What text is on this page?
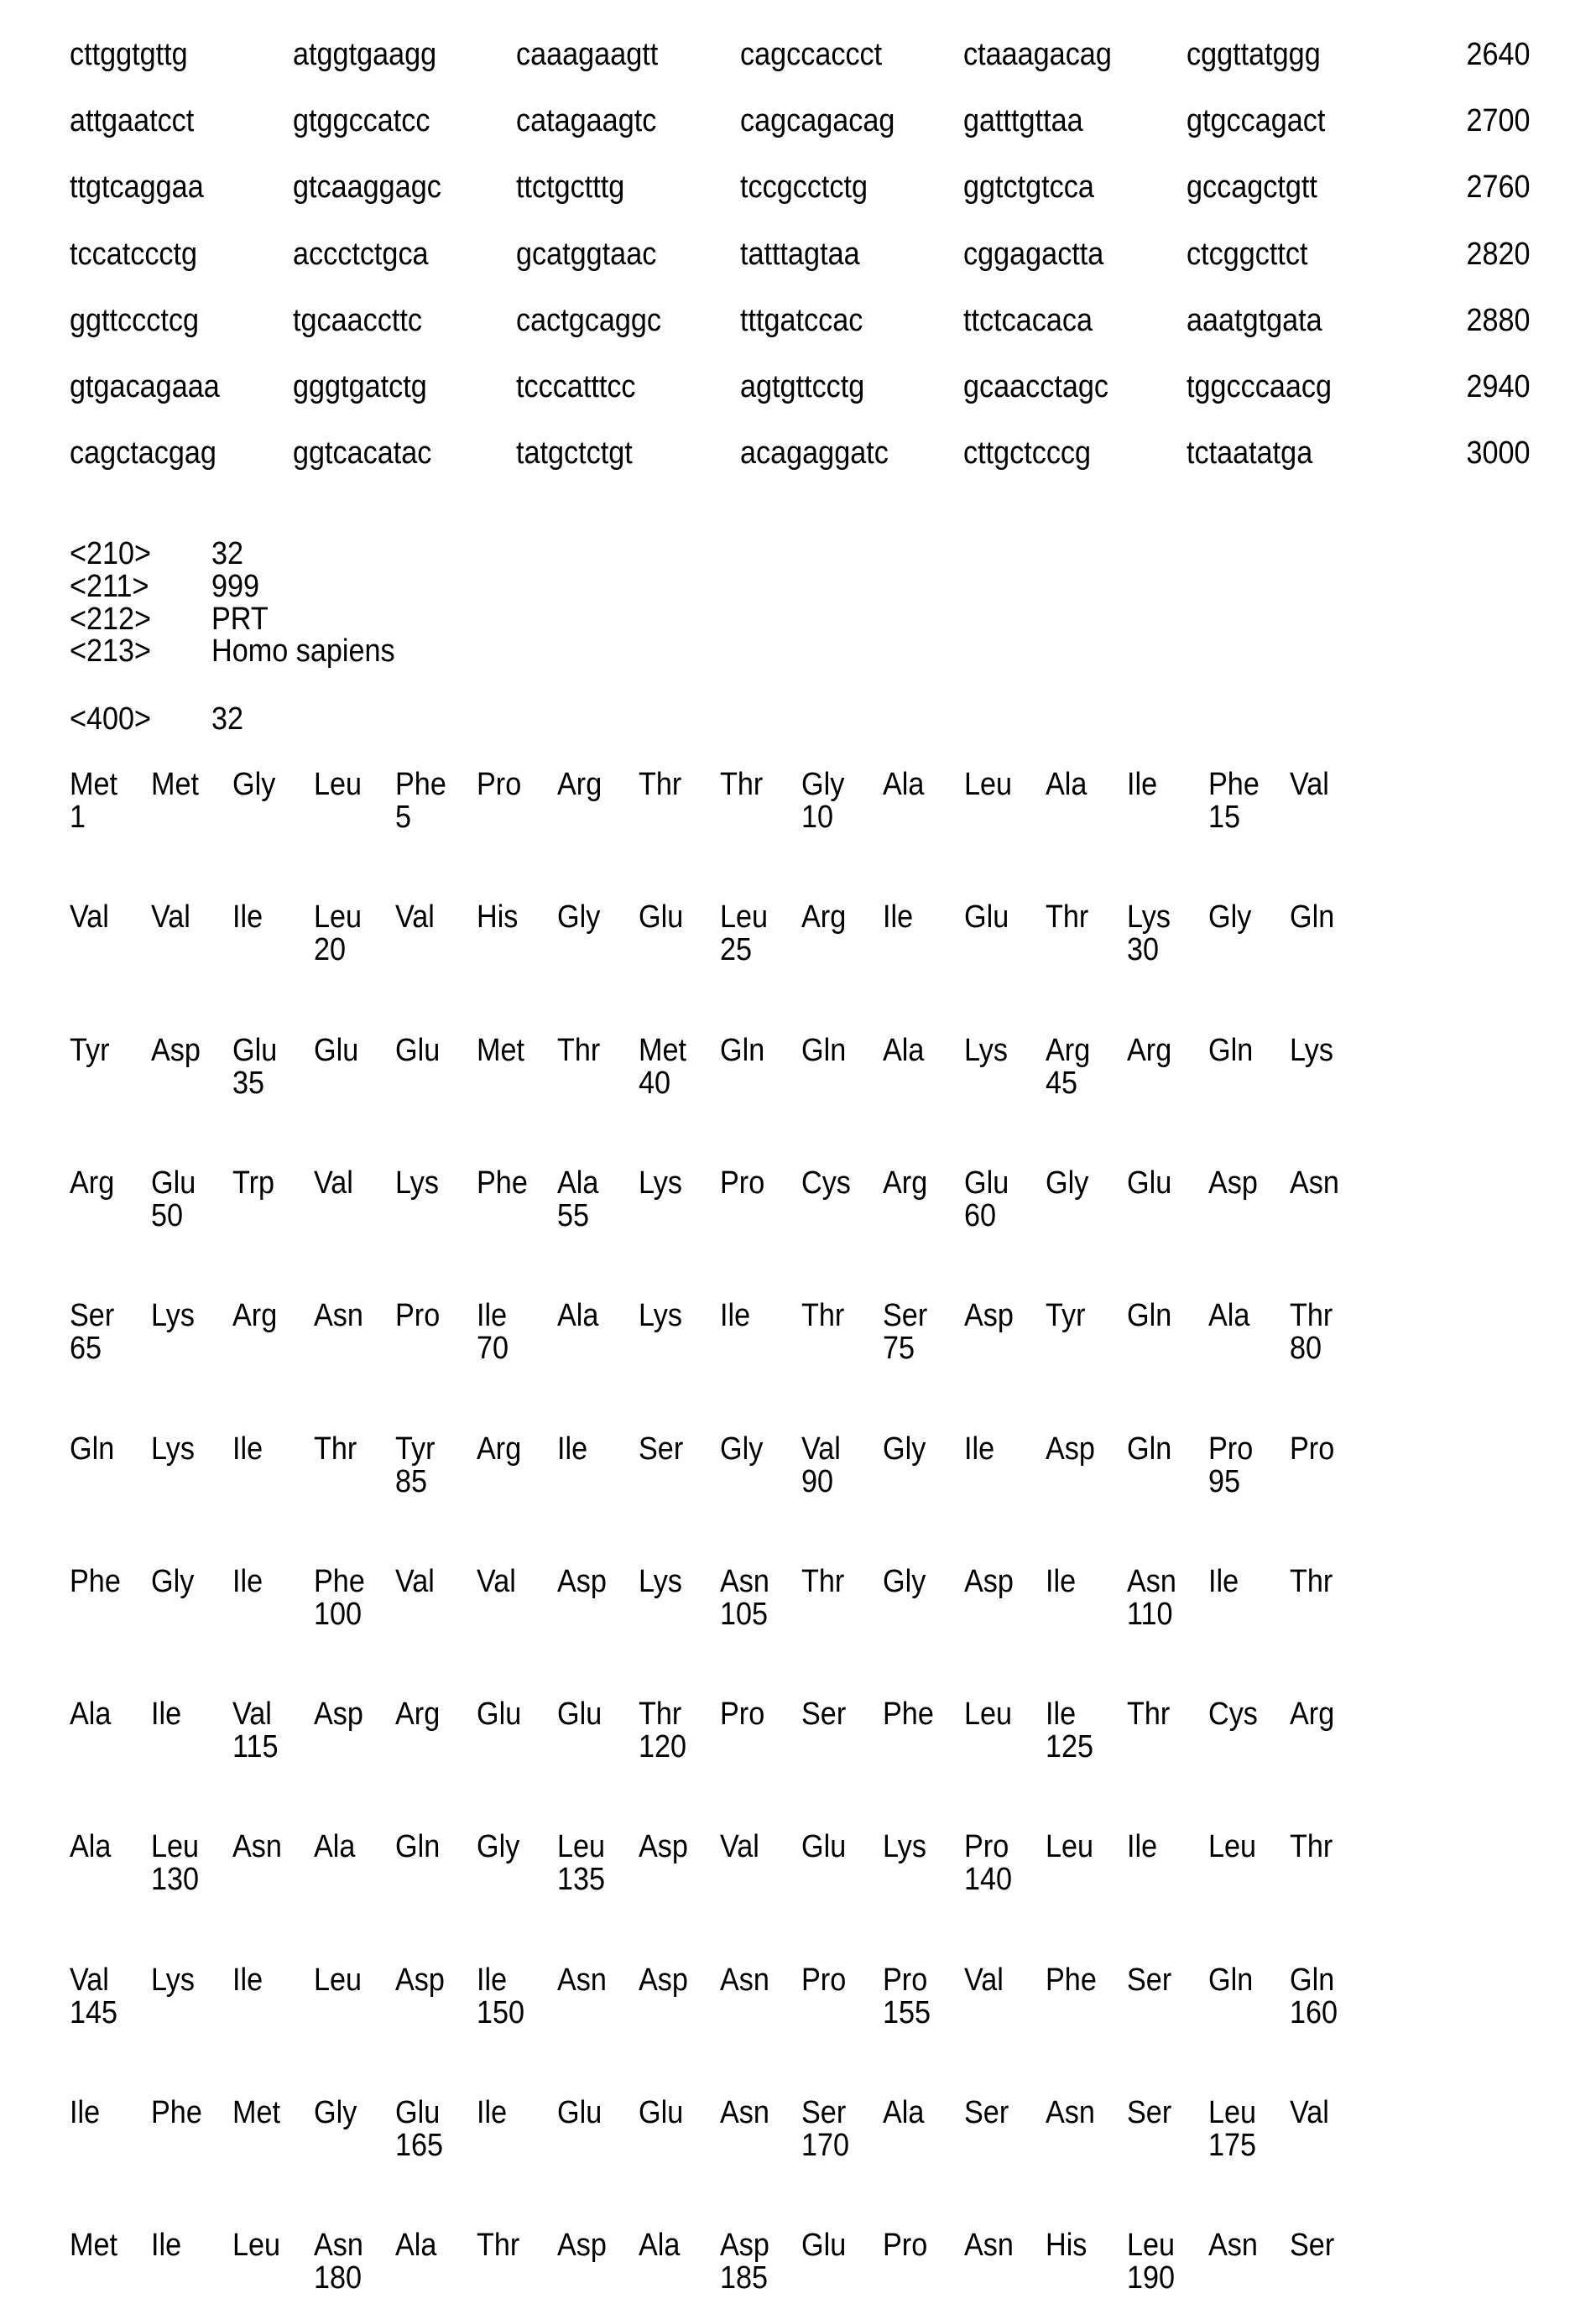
cttggtgttg	atggtgaagg	caaagaagtt	cagccaccct	ctaaagacag cggttatggg	2640
attgaatcct	gtggccatcc	catagaagtc	cagcagacag gatttgttaa	gtgccagact	2700
ttgtcaggaa	gtcaaggagc ttctgctttg	tccgcctctg	ggtctgtcca	gccagctgtt	2760
tccatccctg	accctctgca	gcatggtaac	tatttagtaa	cggagactta	ctcggcttct	2820
ggttccctcg	tgcaaccttc	cactgcaggc tttgatccac	ttctcacaca	aaatgtgata	2880
gtgacagaaa gggtgatctg	tcccatttcc	agtgttcctg	gcaacctagc tggcccaacg	2940
cagctacgag ggtcacatac	tatgctctgt	acagaggatc cttgctcccg	tctaatatga	3000
<210> 32
<211> 999
<212> PRT
<213> Homo sapiens
<400> 32
Met Met Gly Leu Phe Pro Arg Thr Thr Gly Ala Leu Ala Ile Phe Val
1	5	10	15
Val Val Ile Leu Val His Gly Glu Leu Arg Ile Glu Thr Lys Gly Gln
20	25	30
Tyr Asp Glu Glu Glu Met Thr Met Gln Gln Ala Lys Arg Arg Gln Lys
35	40	45
Arg Glu Trp Val Lys Phe Ala Lys Pro Cys Arg Glu Gly Glu Asp Asn
50	55	60
Ser Lys Arg Asn Pro Ile Ala Lys Ile Thr Ser Asp Tyr Gln Ala Thr
65	70	75	80
Gln Lys Ile Thr Tyr Arg Ile Ser Gly Val Gly Ile Asp Gln Pro Pro
85	90	95
Phe Gly Ile Phe Val Val Asp Lys Asn Thr Gly Asp Ile Asn Ile Thr
100	105	110
Ala Ile Val Asp Arg Glu Glu Thr Pro Ser Phe Leu Ile Thr Cys Arg
115	120	125
Ala Leu Asn Ala Gln Gly Leu Asp Val Glu Lys Pro Leu Ile Leu Thr
130	135	140
Val Lys Ile Leu Asp Ile Asn Asp Asn Pro Pro Val Phe Ser Gln Gln
145	150	155	160
Ile Phe Met Gly Glu Ile Glu Glu Asn Ser Ala Ser Asn Ser Leu Val
165	170	175
Met Ile Leu Asn Ala Thr Asp Ala Asp Glu Pro Asn His Leu Asn Ser
180	185	190
